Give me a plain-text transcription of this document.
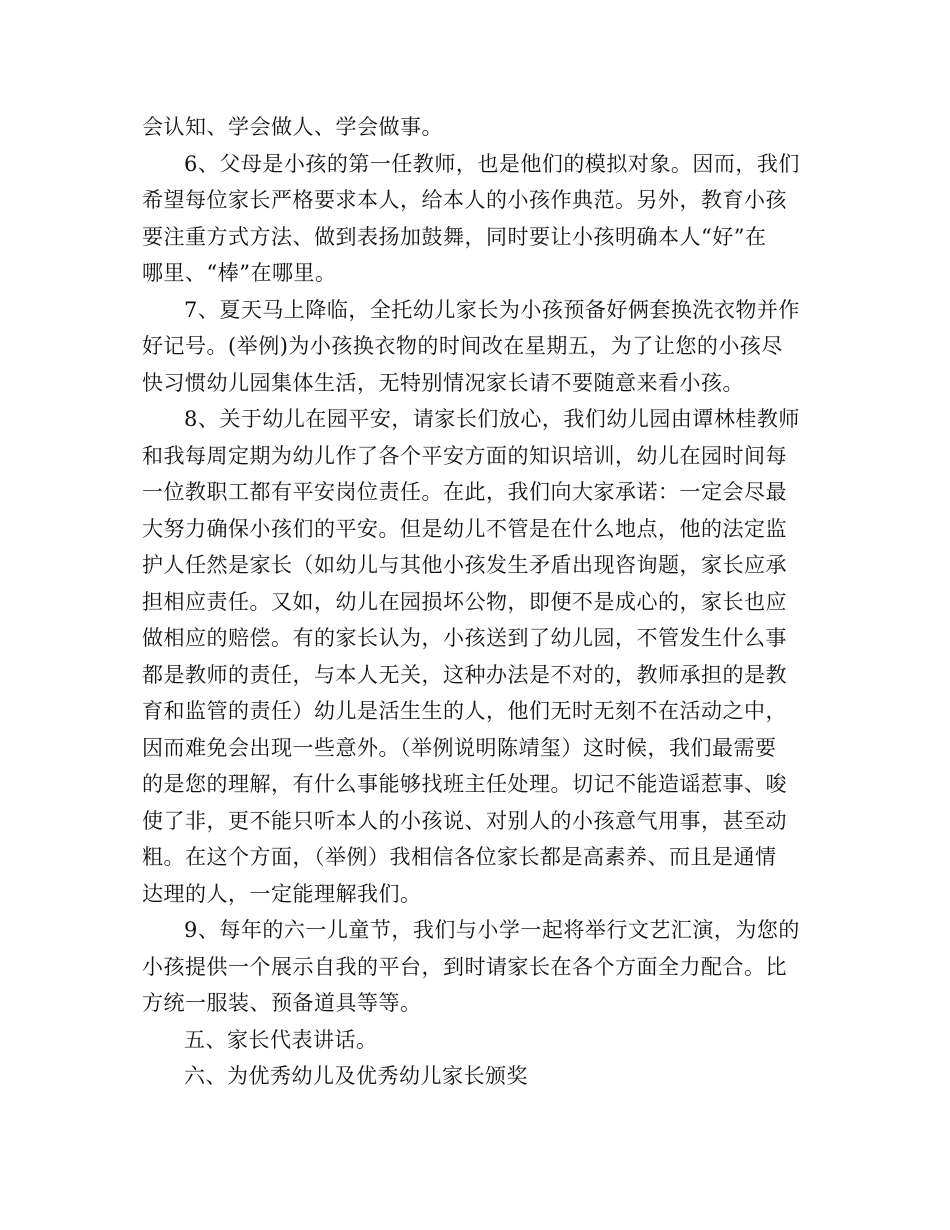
会认知、学会做人、学会做事。
6、父母是小孩的第一任教师，也是他们的模拟对象。因而，我们
希望每位家长严格要求本人，给本人的小孩作典范。另外，教育小孩
要注重方式方法、做到表扬加鼓舞，同时要让小孩明确本人“好”在
哪里、“棒”在哪里。
7、夏天马上降临，全托幼儿家长为小孩预备好俩套换洗衣物并作
好记号。(举例)为小孩换衣物的时间改在星期五，为了让您的小孩尽
快习惯幼儿园集体生活，无特别情况家长请不要随意来看小孩。
8、关于幼儿在园平安，请家长们放心，我们幼儿园由谭林桂教师
和我每周定期为幼儿作了各个平安方面的知识培训，幼儿在园时间每
一位教职工都有平安岗位责任。在此，我们向大家承诺：一定会尽最
大努力确保小孩们的平安。但是幼儿不管是在什么地点，他的法定监
护人任然是家长（如幼儿与其他小孩发生矛盾出现咨询题，家长应承
担相应责任。又如，幼儿在园损坏公物，即便不是成心的，家长也应
做相应的赔偿。有的家长认为，小孩送到了幼儿园，不管发生什么事
都是教师的责任，与本人无关，这种办法是不对的，教师承担的是教
育和监管的责任）幼儿是活生生的人，他们无时无刻不在活动之中，
因而难免会出现一些意外。（举例说明陈靖玺）这时候，我们最需要
的是您的理解，有什么事能够找班主任处理。切记不能造谣惹事、唆
使了非，更不能只听本人的小孩说、对别人的小孩意气用事，甚至动
粗。在这个方面，（举例）我相信各位家长都是高素养、而且是通情
达理的人，一定能理解我们。
9、每年的六一儿童节，我们与小学一起将举行文艺汇演，为您的
小孩提供一个展示自我的平台，到时请家长在各个方面全力配合。比
方统一服装、预备道具等等。
五、家长代表讲话。
六、为优秀幼儿及优秀幼儿家长颁奖
